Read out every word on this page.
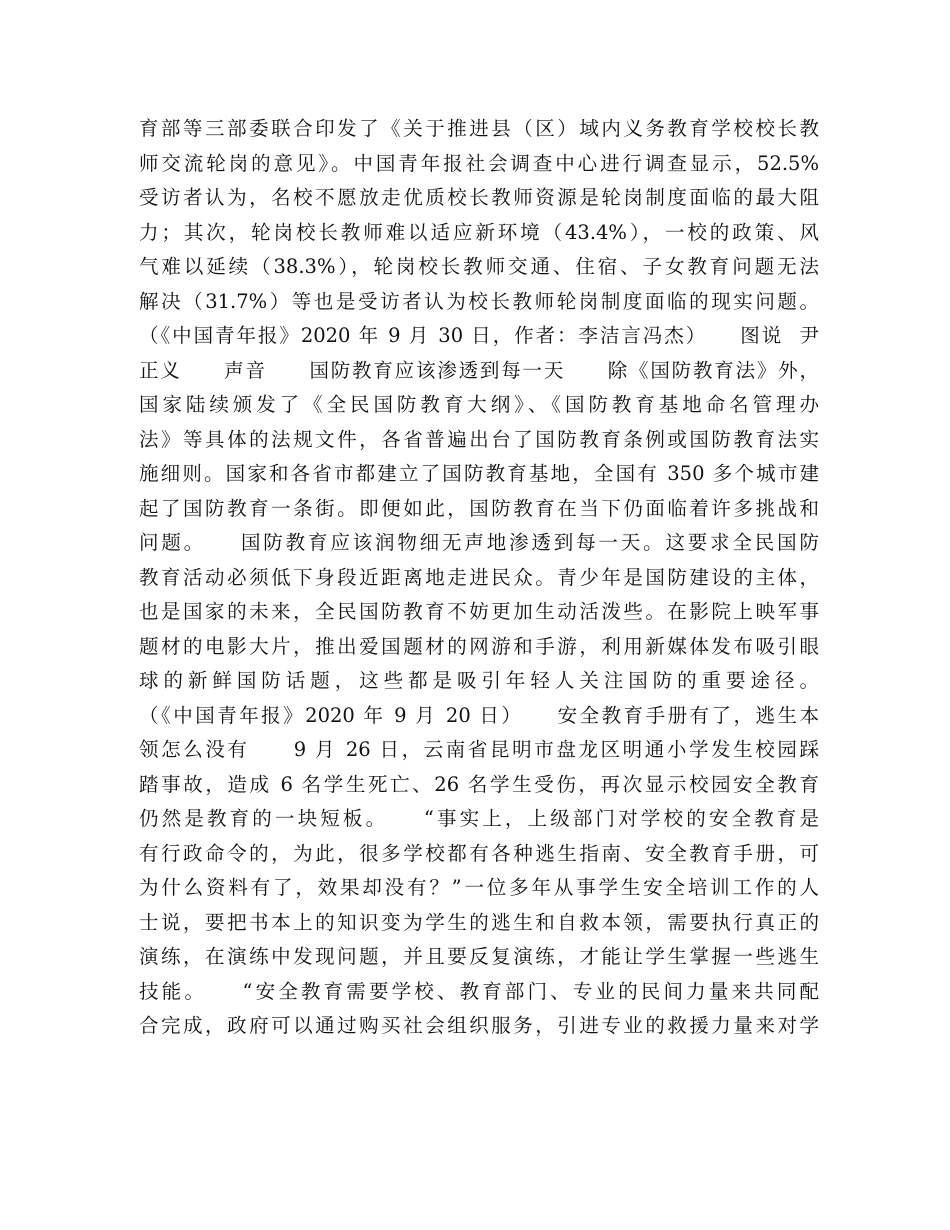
育部等三部委联合印发了《关于推进县（区）域内义务教育学校校长教
师交流轮岗的意见》。中国青年报社会调查中心进行调查显示，52.5%
受访者认为，名校不愿放走优质校长教师资源是轮岗制度面临的最大阻
力；其次，轮岗校长教师难以适应新环境（43.4%），一校的政策、风
气难以延续（38.3%），轮岗校长教师交通、住宿、子女教育问题无法
解决（31.7%）等也是受访者认为校长教师轮岗制度面临的现实问题。
（《中国青年报》2020 年 9 月 30 日，作者：李洁言冯杰）　　图说  尹
正义　　声音　　国防教育应该渗透到每一天　　除《国防教育法》外，
国家陆续颁发了《全民国防教育大纲》、《国防教育基地命名管理办
法》等具体的法规文件，各省普遍出台了国防教育条例或国防教育法实
施细则。国家和各省市都建立了国防教育基地，全国有 350 多个城市建
起了国防教育一条街。即便如此，国防教育在当下仍面临着许多挑战和
问题。　　国防教育应该润物细无声地渗透到每一天。这要求全民国防
教育活动必须低下身段近距离地走进民众。青少年是国防建设的主体，
也是国家的未来，全民国防教育不妨更加生动活泼些。在影院上映军事
题材的电影大片，推出爱国题材的网游和手游，利用新媒体发布吸引眼
球的新鲜国防话题，这些都是吸引年轻人关注国防的重要途径。
（《中国青年报》2020 年 9 月 20 日）　　安全教育手册有了，逃生本
领怎么没有　　9 月 26 日，云南省昆明市盘龙区明通小学发生校园踩
踏事故，造成 6 名学生死亡、26 名学生受伤，再次显示校园安全教育
仍然是教育的一块短板。　　“事实上，上级部门对学校的安全教育是
有行政命令的，为此，很多学校都有各种逃生指南、安全教育手册，可
为什么资料有了，效果却没有？”一位多年从事学生安全培训工作的人
士说，要把书本上的知识变为学生的逃生和自救本领，需要执行真正的
演练，在演练中发现问题，并且要反复演练，才能让学生掌握一些逃生
技能。　　“安全教育需要学校、教育部门、专业的民间力量来共同配
合完成，政府可以通过购买社会组织服务，引进专业的救援力量来对学
